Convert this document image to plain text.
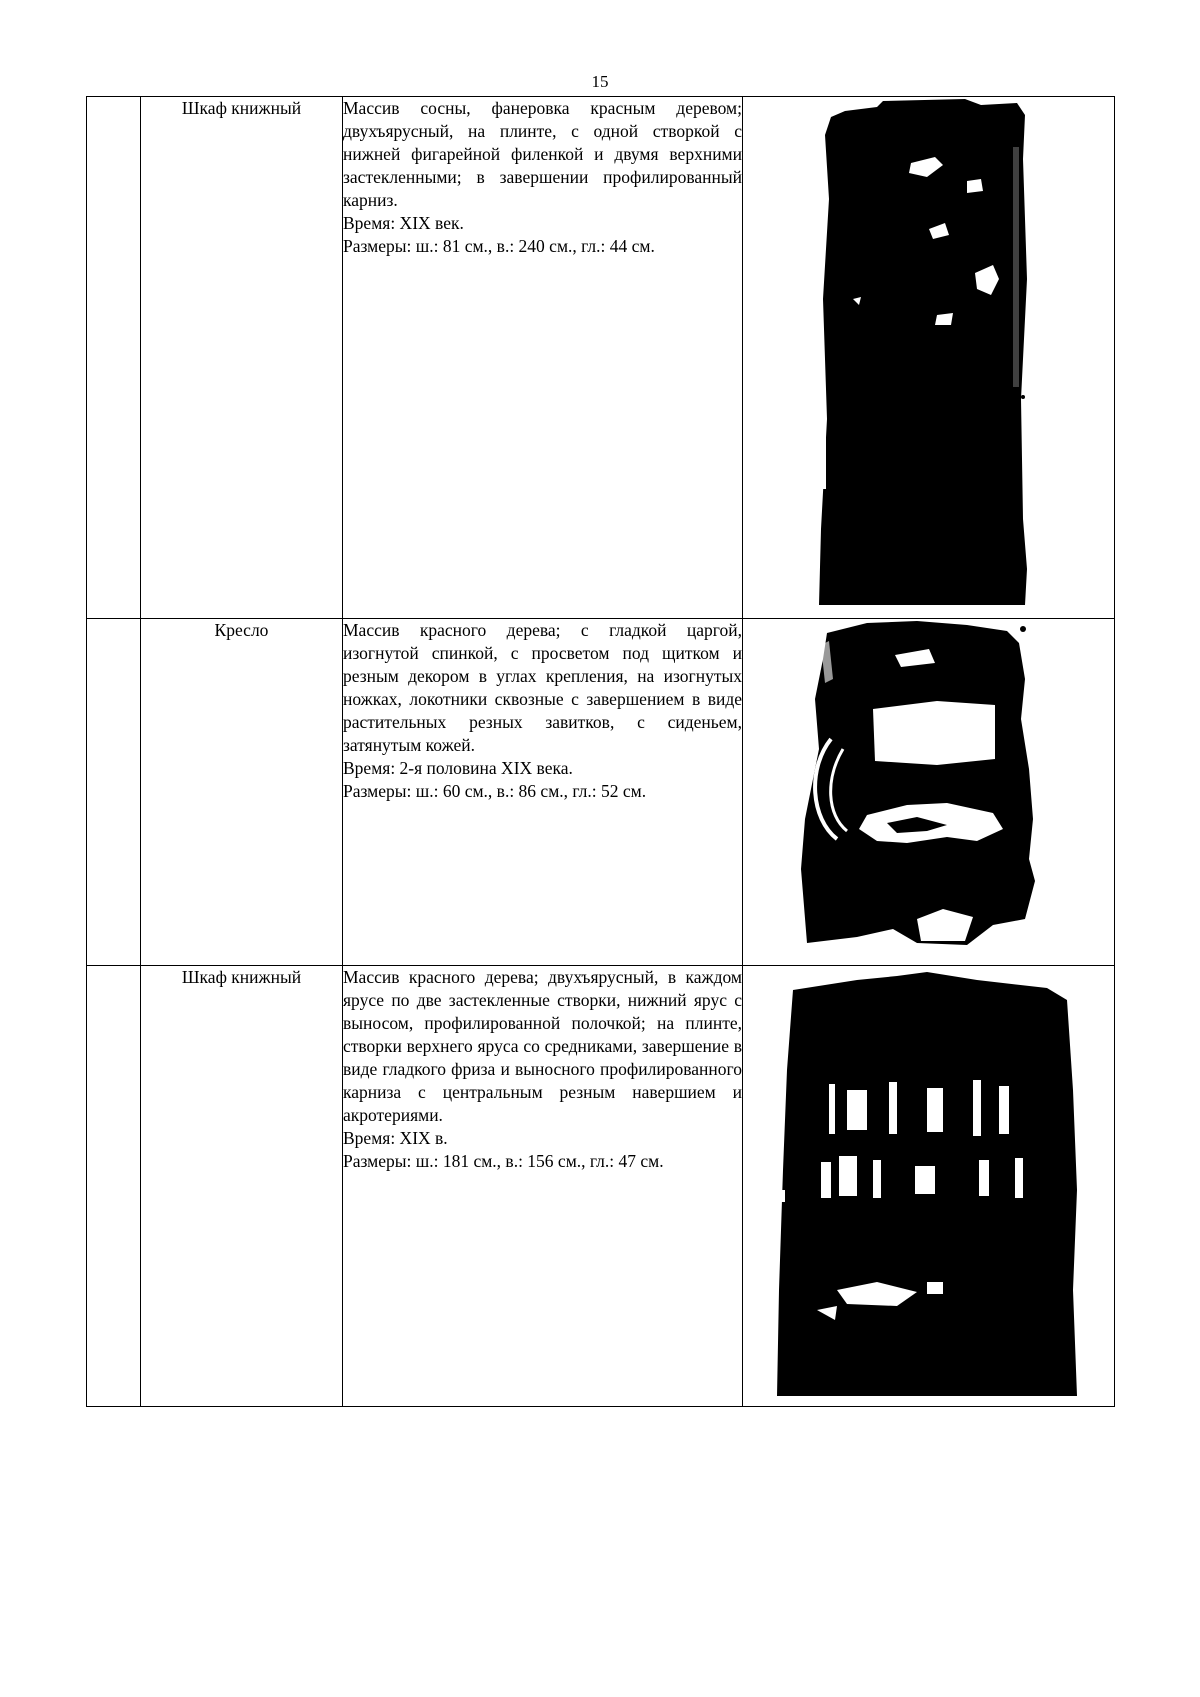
15
	Шкаф книжный	Массив сосны, фанеровка красным деревом; двухъярусный, на плинте, с одной створкой с нижней фигарейной филенкой и двумя верхними застекленными; в завершении профилированный карниз.

Время: XIX век.

Размеры: ш.: 81 см., в.: 240 см., гл.: 44 см.

	Кресло	Массив красного дерева; с гладкой царгой, изогнутой спинкой, с просветом под щитком и резным декором в углах крепления, на изогнутых ножках, локотники сквозные с завершением в виде растительных резных завитков, с сиденьем, затянутым кожей.

Время: 2-я половина XIX века.

Размеры: ш.: 60 см., в.: 86 см., гл.: 52 см.

	Шкаф книжный	Массив красного дерева; двухъярусный, в каждом ярусе по две застекленные створки, нижний ярус с выносом, профилированной полочкой; на плинте, створки верхнего яруса со средниками, завершение в виде гладкого фриза и выносного профилированного карниза с центральным резным навершием и акротериями.

Время: XIX в.

Размеры: ш.: 181 см., в.: 156 см., гл.: 47 см.
